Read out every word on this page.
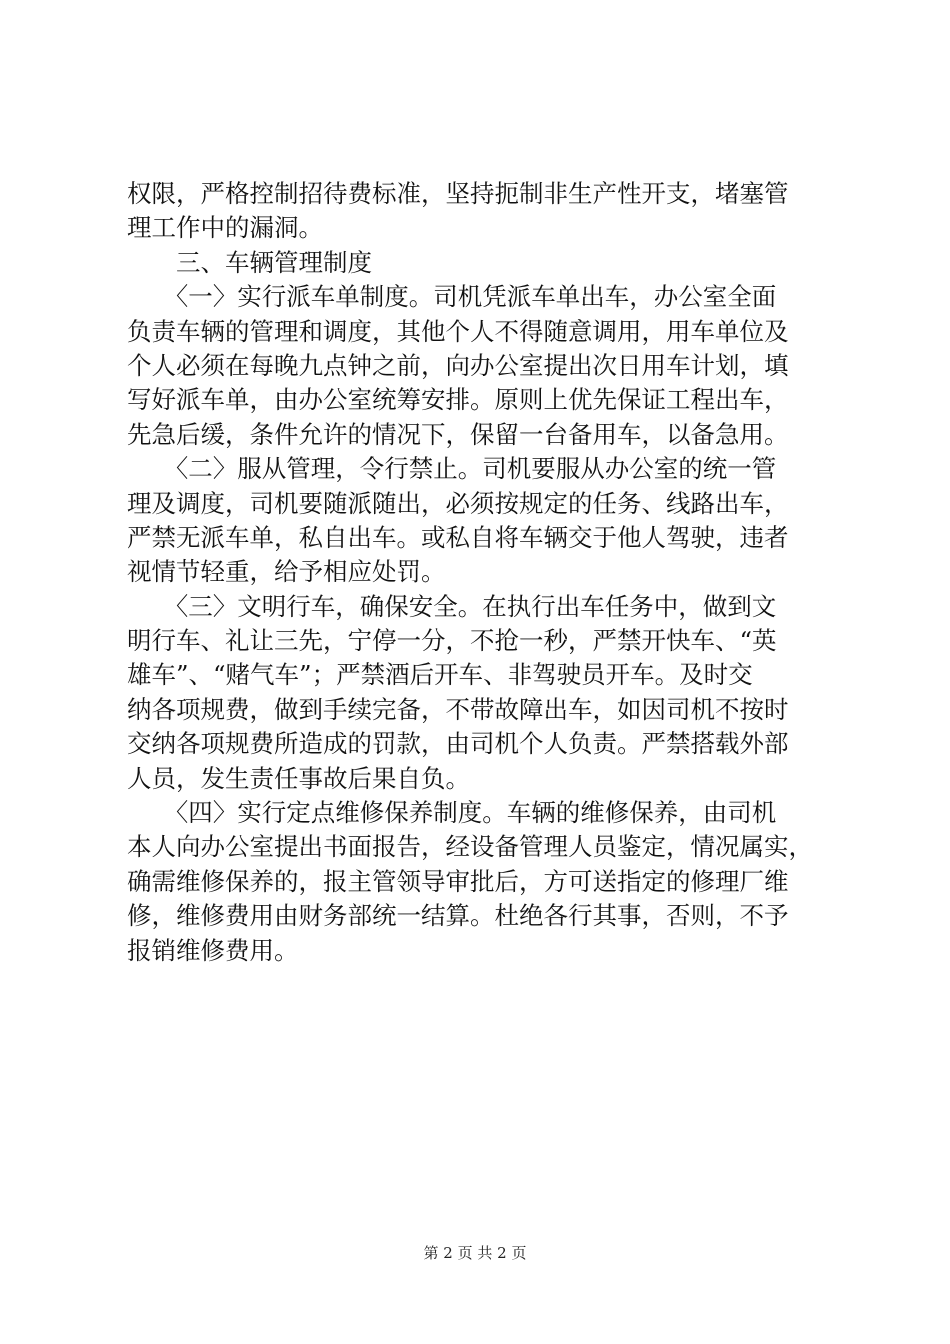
权限，严格控制招待费标准，坚持扼制非生产性开支，堵塞管
理工作中的漏洞。
　　三、车辆管理制度
　　〈一〉实行派车单制度。司机凭派车单出车，办公室全面
负责车辆的管理和调度，其他个人不得随意调用，用车单位及
个人必须在每晚九点钟之前，向办公室提出次日用车计划，填
写好派车单，由办公室统筹安排。原则上优先保证工程出车，
先急后缓，条件允许的情况下，保留一台备用车，以备急用。
　　〈二〉服从管理，令行禁止。司机要服从办公室的统一管
理及调度，司机要随派随出，必须按规定的任务、线路出车，
严禁无派车单，私自出车。或私自将车辆交于他人驾驶，违者
视情节轻重，给予相应处罚。
　　〈三〉文明行车，确保安全。在执行出车任务中，做到文
明行车、礼让三先，宁停一分，不抢一秒，严禁开快车、“英
雄车”、“赌气车”；严禁酒后开车、非驾驶员开车。及时交
纳各项规费，做到手续完备，不带故障出车，如因司机不按时
交纳各项规费所造成的罚款，由司机个人负责。严禁搭载外部
人员，发生责任事故后果自负。
　　〈四〉实行定点维修保养制度。车辆的维修保养，由司机
本人向办公室提出书面报告，经设备管理人员鉴定，情况属实，
确需维修保养的，报主管领导审批后，方可送指定的修理厂维
修，维修费用由财务部统一结算。杜绝各行其事，否则，不予
报销维修费用。
第 2 页 共 2 页
